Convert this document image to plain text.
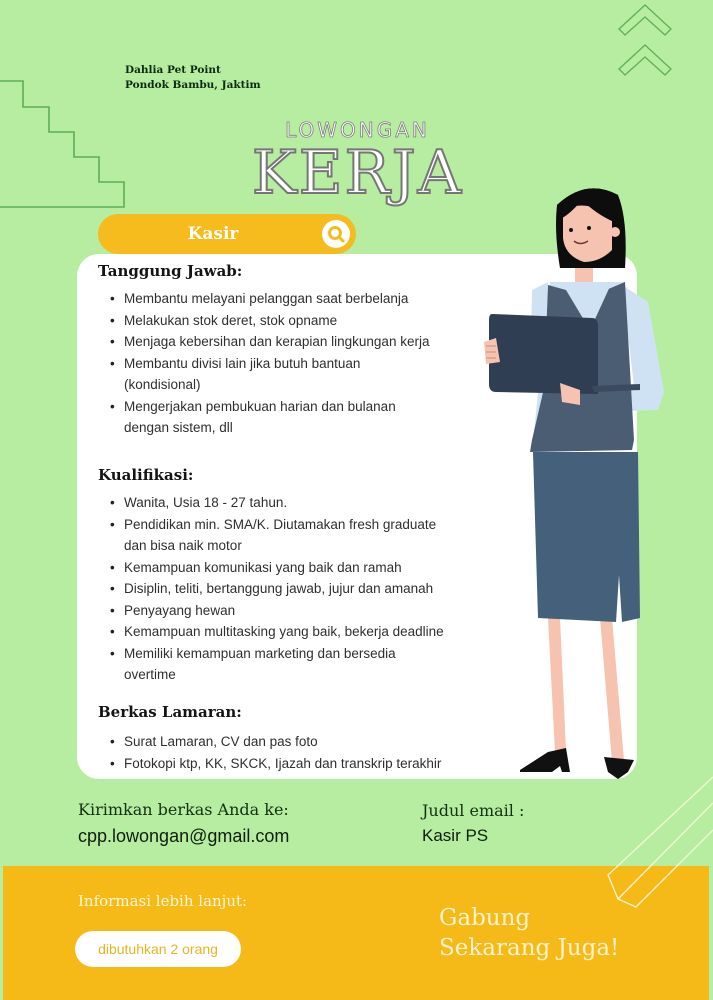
Dahlia Pet Point
Pondok Bambu, Jaktim
LOWONGAN
KERJA
Kasir
Tanggung Jawab:
• Membantu melayani pelanggan saat berbelanja
• Melakukan stok deret, stok opname
• Menjaga kebersihan dan kerapian lingkungan kerja
• Membantu divisi lain jika butuh bantuan (kondisional)
• Mengerjakan pembukuan harian dan bulanan dengan sistem, dll
Kualifikasi:
• Wanita, Usia 18 - 27 tahun.
• Pendidikan min. SMA/K. Diutamakan fresh graduate dan bisa naik motor
• Kemampuan komunikasi yang baik dan ramah
• Disiplin, teliti, bertanggung jawab, jujur dan amanah
• Penyayang hewan
• Kemampuan multitasking yang baik, bekerja deadline
• Memiliki kemampuan marketing dan bersedia overtime
Berkas Lamaran:
• Surat Lamaran, CV dan pas foto
• Fotokopi ktp, KK, SKCK, Ijazah dan transkrip terakhir
Kirimkan berkas Anda ke:
cpp.lowongan@gmail.com
Judul email :
Kasir PS
Informasi lebih lanjut:
dibutuhkan 2 orang
Gabung
Sekarang Juga!
